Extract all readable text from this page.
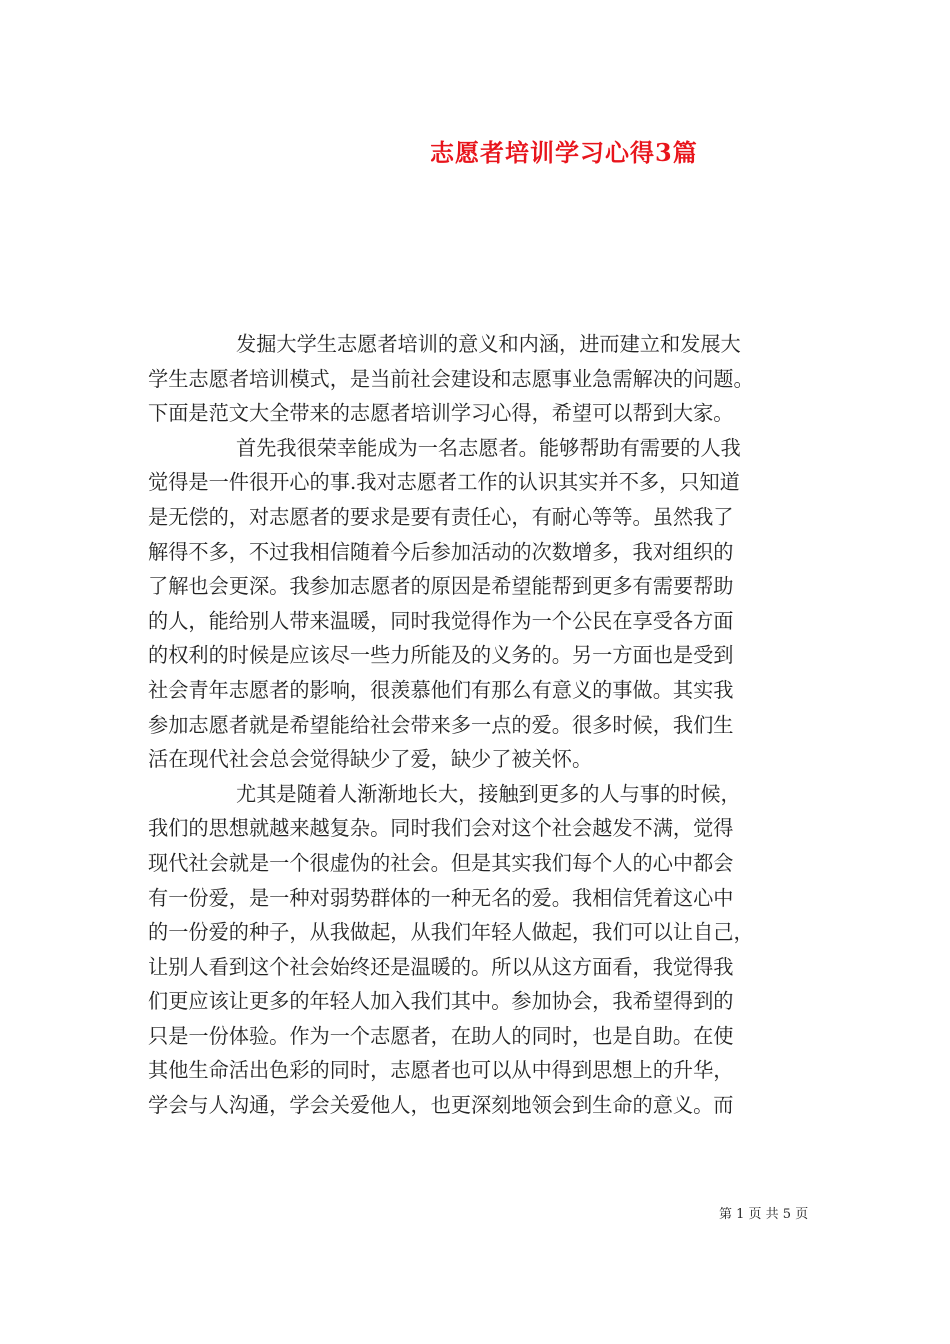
志愿者培训学习心得3篇
发掘大学生志愿者培训的意义和内涵，进而建立和发展大
学生志愿者培训模式，是当前社会建设和志愿事业急需解决的问题。
下面是范文大全带来的志愿者培训学习心得，希望可以帮到大家。
首先我很荣幸能成为一名志愿者。能够帮助有需要的人我
觉得是一件很开心的事.我对志愿者工作的认识其实并不多，只知道
是无偿的，对志愿者的要求是要有责任心，有耐心等等。虽然我了
解得不多，不过我相信随着今后参加活动的次数增多，我对组织的
了解也会更深。我参加志愿者的原因是希望能帮到更多有需要帮助
的人，能给别人带来温暖，同时我觉得作为一个公民在享受各方面
的权利的时候是应该尽一些力所能及的义务的。另一方面也是受到
社会青年志愿者的影响，很羡慕他们有那么有意义的事做。其实我
参加志愿者就是希望能给社会带来多一点的爱。很多时候，我们生
活在现代社会总会觉得缺少了爱，缺少了被关怀。
尤其是随着人渐渐地长大，接触到更多的人与事的时候，
我们的思想就越来越复杂。同时我们会对这个社会越发不满，觉得
现代社会就是一个很虚伪的社会。但是其实我们每个人的心中都会
有一份爱，是一种对弱势群体的一种无名的爱。我相信凭着这心中
的一份爱的种子，从我做起，从我们年轻人做起，我们可以让自己，
让别人看到这个社会始终还是温暖的。所以从这方面看，我觉得我
们更应该让更多的年轻人加入我们其中。参加协会，我希望得到的
只是一份体验。作为一个志愿者，在助人的同时，也是自助。在使
其他生命活出色彩的同时，志愿者也可以从中得到思想上的升华，
学会与人沟通，学会关爱他人，也更深刻地领会到生命的意义。而
第 1 页 共 5 页
